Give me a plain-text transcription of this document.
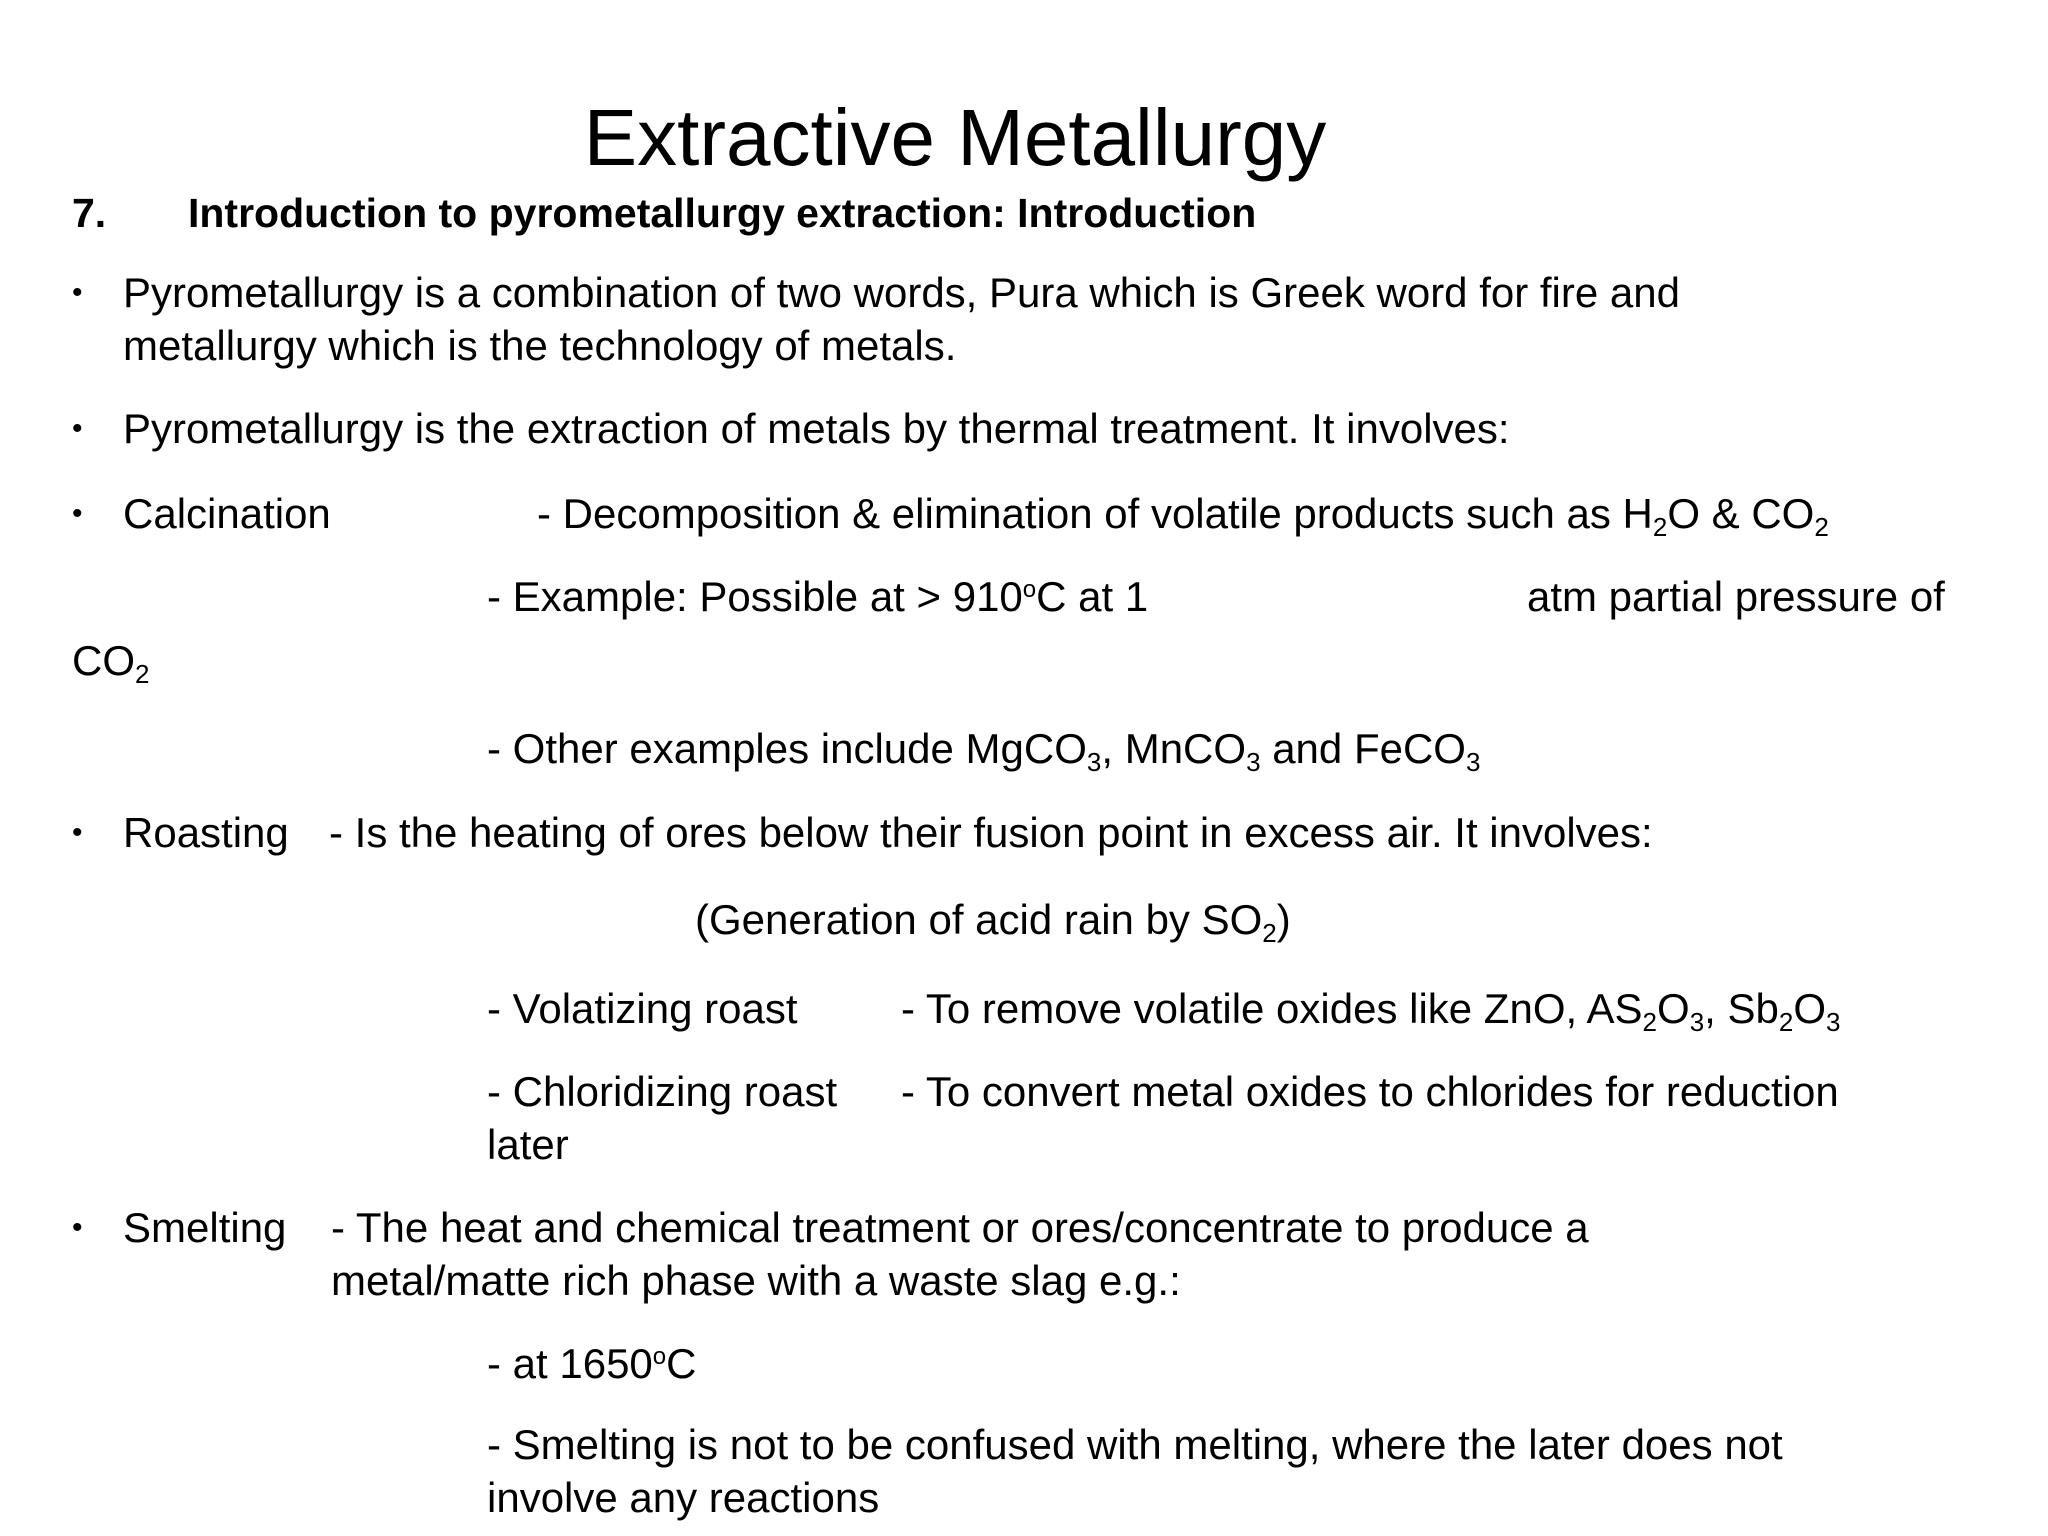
Extractive Metallurgy
7. Introduction to pyrometallurgy extraction: Introduction
• Pyrometallurgy is a combination of two words, Pura which is Greek word for fire and
metallurgy which is the technology of metals.
• Pyrometallurgy is the extraction of metals by thermal treatment. It involves:
• Calcination	- Decomposition & elimination of volatile products such as $H_2O$ & $CO_2$
- Example: Possible at > $910^oC$ at 1	atm partial pressure of
$CO_2$
- Other examples include MgCO$_3$, MnCO$_3$ and FeCO$_3$
• Roasting - Is the heating of ores below their fusion point in excess air. It involves:
(Generation of acid rain by $SO_2$)
- Volatizing roast - To remove volatile oxides like ZnO, $AS_2O_3$, $Sb_2O_3$
- Chloridizing roast - To convert metal oxides to chlorides for reduction
later
• Smelting - The heat and chemical treatment or ores/concentrate to produce a
metal/matte rich phase with a waste slag e.g.:
- at 1650$^o$C
- Smelting is not to be confused with melting, where the later does not
involve any reactions
